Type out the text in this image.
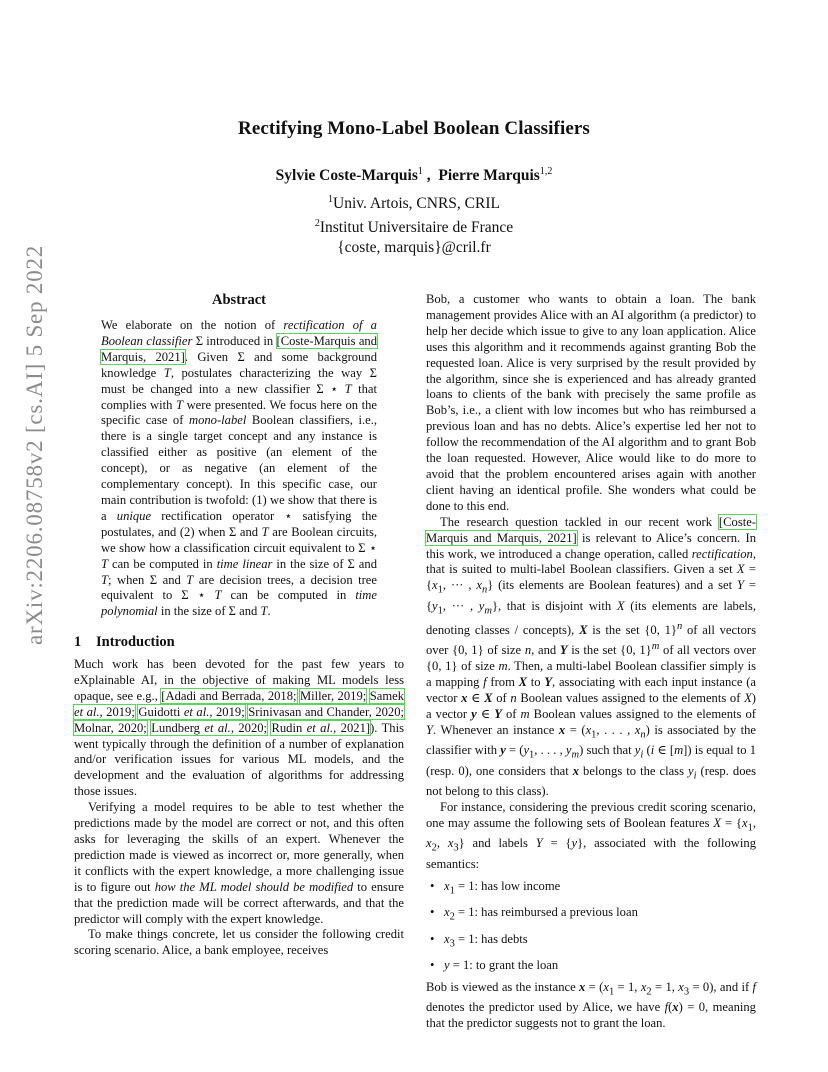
arXiv:2206.08758v2 [cs.AI] 5 Sep 2022
Rectifying Mono-Label Boolean Classifiers
Sylvie Coste-Marquis$^1$ ,  Pierre Marquis$^{1,2}$
$^1$Univ. Artois, CNRS, CRIL
$^2$Institut Universitaire de France
{coste, marquis}@cril.fr
Abstract
We elaborate on the notion of rectification of a Boolean classifier Σ introduced in [Coste-Marquis and Marquis, 2021]. Given Σ and some background knowledge T, postulates characterizing the way Σ must be changed into a new classifier Σ ⋆ T that complies with T were presented. We focus here on the specific case of mono-label Boolean classifiers, i.e., there is a single target concept and any instance is classified either as positive (an element of the concept), or as negative (an element of the complementary concept). In this specific case, our main contribution is twofold: (1) we show that there is a unique rectification operator ⋆ satisfying the postulates, and (2) when Σ and T are Boolean circuits, we show how a classification circuit equivalent to Σ ⋆ T can be computed in time linear in the size of Σ and T; when Σ and T are decision trees, a decision tree equivalent to Σ ⋆ T can be computed in time polynomial in the size of Σ and T.
1 Introduction

Much work has been devoted for the past few years to eXplainable AI, in the objective of making ML models less opaque, see e.g., [Adadi and Berrada, 2018; Miller, 2019; Samek et al., 2019; Guidotti et al., 2019; Srinivasan and Chander, 2020; Molnar, 2020; Lundberg et al., 2020; Rudin et al., 2021]). This went typically through the definition of a number of explanation and/or verification issues for various ML models, and the development and the evaluation of algorithms for addressing those issues.

Verifying a model requires to be able to test whether the predictions made by the model are correct or not, and this often asks for leveraging the skills of an expert. Whenever the prediction made is viewed as incorrect or, more generally, when it conflicts with the expert knowledge, a more challenging issue is to figure out how the ML model should be modified to ensure that the prediction made will be correct afterwards, and that the predictor will comply with the expert knowledge.

To make things concrete, let us consider the following credit scoring scenario. Alice, a bank employee, receives

Bob, a customer who wants to obtain a loan. The bank management provides Alice with an AI algorithm (a predictor) to help her decide which issue to give to any loan application. Alice uses this algorithm and it recommends against granting Bob the requested loan. Alice is very surprised by the result provided by the algorithm, since she is experienced and has already granted loans to clients of the bank with precisely the same profile as Bob’s, i.e., a client with low incomes but who has reimbursed a previous loan and has no debts. Alice’s expertise led her not to follow the recommendation of the AI algorithm and to grant Bob the loan requested. However, Alice would like to do more to avoid that the problem encountered arises again with another client having an identical profile. She wonders what could be done to this end.

The research question tackled in our recent work [Coste-Marquis and Marquis, 2021] is relevant to Alice’s concern. In this work, we introduced a change operation, called rectification, that is suited to multi-label Boolean classifiers. Given a set $X = \{x_1$, ··· , $x_n$} (its elements are Boolean features) and a set $Y = \{y_1$, ··· , $y_m$}, that is disjoint with X (its elements are labels, denoting classes / concepts), X is the set {0, 1}$^n$ of all vectors over {0, 1} of size n, and Y is the set {0, 1}$^m$ of all vectors over {0, 1} of size m. Then, a multi-label Boolean classifier simply is a mapping f from X to Y, associating with each input instance (a vector x ∈ X of n Boolean values assigned to the elements of X) a vector y ∈ Y of m Boolean values assigned to the elements of Y. Whenever an instance $x = (x_1$, . . . , $x_n$) is associated by the classifier with $y = (y_1$, . . . , $y_m$) such that $y_i$ (i ∈ [m]) is equal to 1 (resp. 0), one considers that x belongs to the class $y_i$ (resp. does not belong to this class).

For instance, considering the previous credit scoring scenario, one may assume the following sets of Boolean features $X = \{x_1$, $x_2$, $x_3$} and labels Y = {y}, associated with the following semantics:

• $x_1 = 1$: has low income
• $x_2 = 1$: has reimbursed a previous loan
• $x_3 = 1$: has debts
• y = 1: to grant the loan

Bob is viewed as the instance $x = (x_1 = 1$, $x_2 = 1$, $x_3 = 0$), and if f denotes the predictor used by Alice, we have f(x) = 0, meaning that the predictor suggests not to grant the loan.
